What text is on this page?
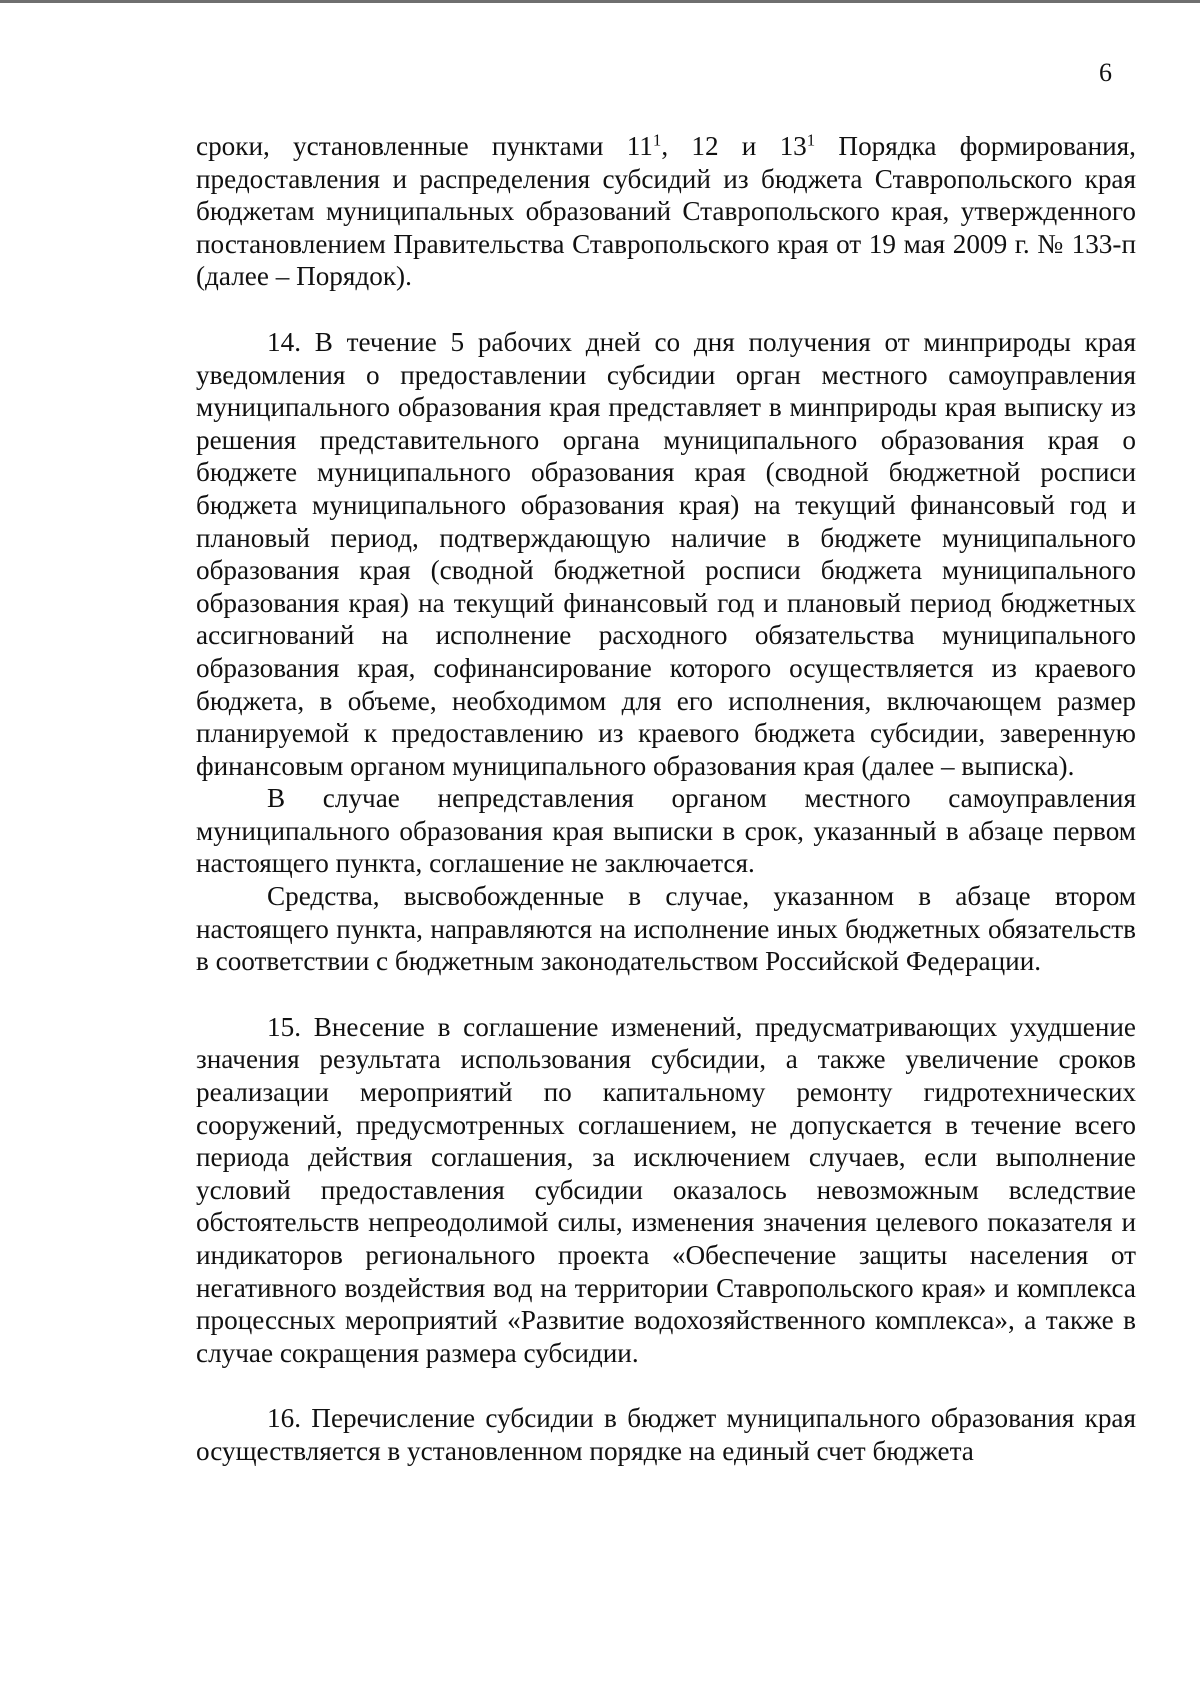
6

сроки, установленные пунктами $11^1$, 12 и $13^1$ Порядка формирования, предоставления и распределения субсидий из бюджета Ставропольского края бюджетам муниципальных образований Ставропольского края, утвержденного постановлением Правительства Ставропольского края от 19 мая 2009 г. № 133-п (далее – Порядок).

14. В течение 5 рабочих дней со дня получения от минприроды края уведомления о предоставлении субсидии орган местного самоуправления муниципального образования края представляет в минприроды края выписку из решения представительного органа муниципального образования края о бюджете муниципального образования края (сводной бюджетной росписи бюджета муниципального образования края) на текущий финансовый год и плановый период, подтверждающую наличие в бюджете муниципального образования края (сводной бюджетной росписи бюджета муниципального образования края) на текущий финансовый год и плановый период бюджетных ассигнований на исполнение расходного обязательства муниципального образования края, софинансирование которого осуществляется из краевого бюджета, в объеме, необходимом для его исполнения, включающем размер планируемой к предоставлению из краевого бюджета субсидии, заверенную финансовым органом муниципального образования края (далее – выписка).

В случае непредставления органом местного самоуправления муниципального образования края выписки в срок, указанный в абзаце первом настоящего пункта, соглашение не заключается.

Средства, высвобожденные в случае, указанном в абзаце втором настоящего пункта, направляются на исполнение иных бюджетных обязательств в соответствии с бюджетным законодательством Российской Федерации.

15. Внесение в соглашение изменений, предусматривающих ухудшение значения результата использования субсидии, а также увеличение сроков реализации мероприятий по капитальному ремонту гидротехнических сооружений, предусмотренных соглашением, не допускается в течение всего периода действия соглашения, за исключением случаев, если выполнение условий предоставления субсидии оказалось невозможным вследствие обстоятельств непреодолимой силы, изменения значения целевого показателя и индикаторов регионального проекта «Обеспечение защиты населения от негативного воздействия вод на территории Ставропольского края» и комплекса процессных мероприятий «Развитие водохозяйственного комплекса», а также в случае сокращения размера субсидии.

16. Перечисление субсидии в бюджет муниципального образования края осуществляется в установленном порядке на единый счет бюджета
